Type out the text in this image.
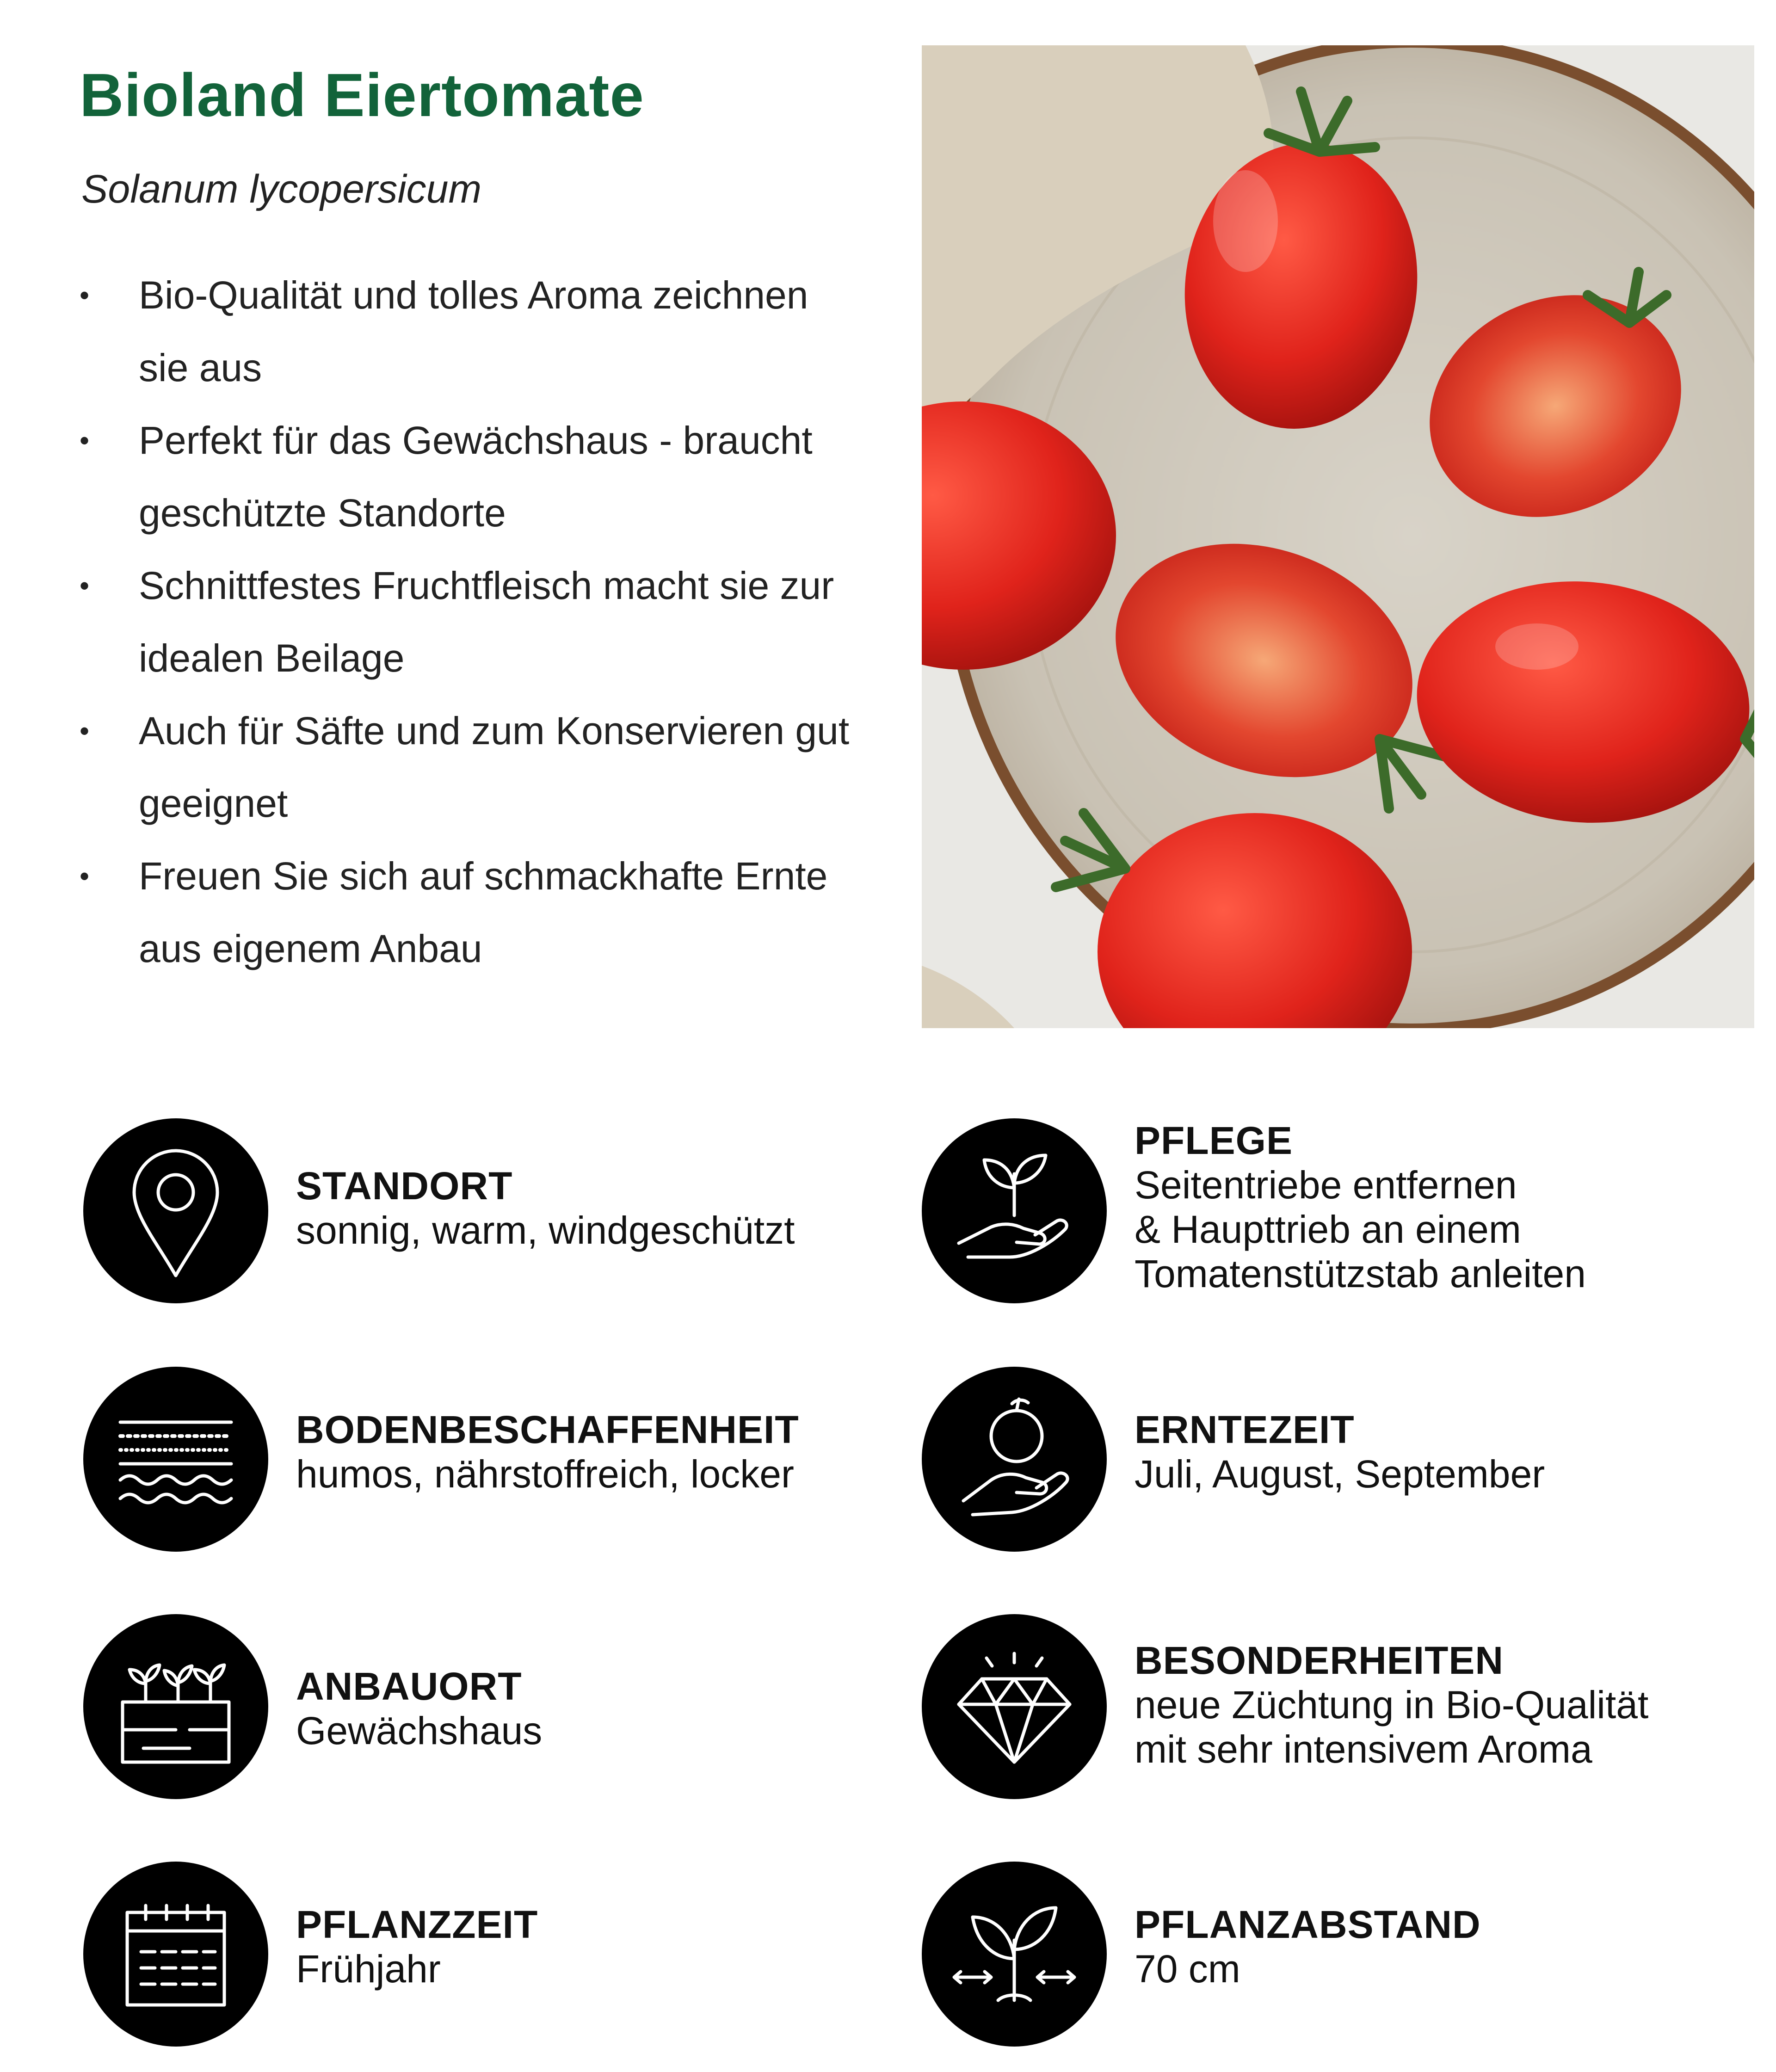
Bioland Eiertomate

Solanum lycopersicum

• Bio-Qualität und tolles Aroma zeichnen sie aus
• Perfekt für das Gewächshaus - braucht geschützte Standorte
• Schnittfestes Fruchtfleisch macht sie zur idealen Beilage
• Auch für Säfte und zum Konservieren gut geeignet
• Freuen Sie sich auf schmackhafte Ernte aus eigenem Anbau
STANDORT
sonnig, warm, windgeschützt
PFLEGE
Seitentriebe entfernen
& Haupttrieb an einem
Tomatenstützstab anleiten
BODENBESCHAFFENHEIT
humos, nährstoffreich, locker
ERNTEZEIT
Juli, August, September
ANBAUORT
Gewächshaus
BESONDERHEITEN
neue Züchtung in Bio-Qualität
mit sehr intensivem Aroma
PFLANZZEIT
Frühjahr
PFLANZABSTAND
70 cm
